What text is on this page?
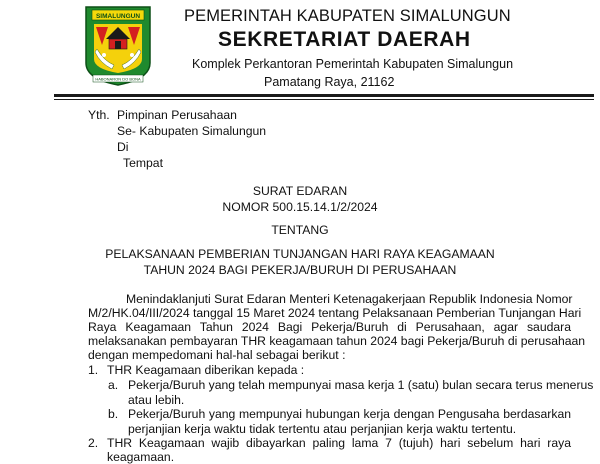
SIMALUNGUN
HABONARON DO BONA
PEMERINTAH KABUPATEN SIMALUNGUN
SEKRETARIAT DAERAH
Komplek Perkantoran Pemerintah Kabupaten Simalungun
Pamatang Raya, 21162
Yth. Pimpinan Perusahaan
Se- Kabupaten Simalungun
Di
Tempat
SURAT EDARAN
NOMOR 500.15.14.1/2/2024
TENTANG
PELAKSANAAN PEMBERIAN TUNJANGAN HARI RAYA KEAGAMAAN
TAHUN 2024 BAGI PEKERJA/BURUH DI PERUSAHAAN
Menindaklanjuti Surat Edaran Menteri Ketenagakerjaan Republik Indonesia Nomor
M/2/HK.04/III/2024 tanggal 15 Maret 2024 tentang Pelaksanaan Pemberian Tunjangan Hari
Raya Keagamaan Tahun 2024 Bagi Pekerja/Buruh di Perusahaan, agar saudara
melaksanakan pembayaran THR keagamaan tahun 2024 bagi Pekerja/Buruh di perusahaan
dengan mempedomani hal-hal sebagai berikut :
1. THR Keagamaan diberikan kepada :
a. Pekerja/Buruh yang telah mempunyai masa kerja 1 (satu) bulan secara terus menerus
atau lebih.
b. Pekerja/Buruh yang mempunyai hubungan kerja dengan Pengusaha berdasarkan
perjanjian kerja waktu tidak tertentu atau perjanjian kerja waktu tertentu.
2. THR Keagamaan wajib dibayarkan paling lama 7 (tujuh) hari sebelum hari raya
keagamaan.
